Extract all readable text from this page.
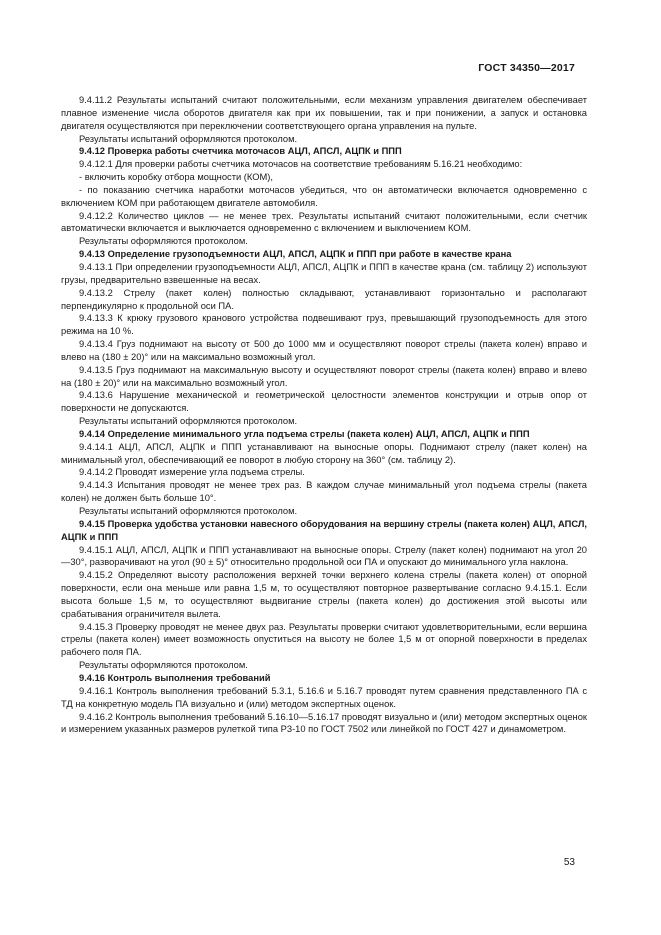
ГОСТ 34350—2017

9.4.11.2 Результаты испытаний считают положительными, если механизм управления двигателем обеспечивает плавное изменение числа оборотов двигателя как при их повышении, так и при понижении, а запуск и остановка двигателя осуществляются при переключении соответствующего органа управления на пульте.

Результаты испытаний оформляются протоколом.

9.4.12 Проверка работы счетчика моточасов АЦЛ, АПСЛ, АЦПК и ППП

9.4.12.1 Для проверки работы счетчика моточасов на соответствие требованиям 5.16.21 необходимо:

- включить коробку отбора мощности (КОМ),

- по показанию счетчика наработки моточасов убедиться, что он автоматически включается одновременно с включением КОМ при работающем двигателе автомобиля.

9.4.12.2 Количество циклов — не менее трех. Результаты испытаний считают положительными, если счетчик автоматически включается и выключается одновременно с включением и выключением КОМ.

Результаты оформляются протоколом.

9.4.13 Определение грузоподъемности АЦЛ, АПСЛ, АЦПК и ППП при работе в качестве крана

9.4.13.1 При определении грузоподъемности АЦЛ, АПСЛ, АЦПК и ППП в качестве крана (см. таблицу 2) используют грузы, предварительно взвешенные на весах.

9.4.13.2 Стрелу (пакет колен) полностью складывают, устанавливают горизонтально и располагают перпендикулярно к продольной оси ПА.

9.4.13.3 К крюку грузового кранового устройства подвешивают груз, превышающий грузоподъемность для этого режима на 10 %.

9.4.13.4 Груз поднимают на высоту от 500 до 1000 мм и осуществляют поворот стрелы (пакета колен) вправо и влево на (180 ± 20)° или на максимально возможный угол.

9.4.13.5 Груз поднимают на максимальную высоту и осуществляют поворот стрелы (пакета колен) вправо и влево на (180 ± 20)° или на максимально возможный угол.

9.4.13.6 Нарушение механической и геометрической целостности элементов конструкции и отрыв опор от поверхности не допускаются.

Результаты испытаний оформляются протоколом.

9.4.14 Определение минимального угла подъема стрелы (пакета колен) АЦЛ, АПСЛ, АЦПК и ППП

9.4.14.1 АЦЛ, АПСЛ, АЦПК и ППП устанавливают на выносные опоры. Поднимают стрелу (пакет колен) на минимальный угол, обеспечивающий ее поворот в любую сторону на 360° (см. таблицу 2).

9.4.14.2 Проводят измерение угла подъема стрелы.

9.4.14.3 Испытания проводят не менее трех раз. В каждом случае минимальный угол подъема стрелы (пакета колен) не должен быть больше 10°.

Результаты испытаний оформляются протоколом.

9.4.15 Проверка удобства установки навесного оборудования на вершину стрелы (пакета колен) АЦЛ, АПСЛ, АЦПК и ППП

9.4.15.1 АЦЛ, АПСЛ, АЦПК и ППП устанавливают на выносные опоры. Стрелу (пакет колен) поднимают на угол 20—30°, разворачивают на угол (90 ± 5)° относительно продольной оси ПА и опускают до минимального угла наклона.

9.4.15.2 Определяют высоту расположения верхней точки верхнего колена стрелы (пакета колен) от опорной поверхности, если она меньше или равна 1,5 м, то осуществляют повторное развертывание согласно 9.4.15.1. Если высота больше 1,5 м, то осуществляют выдвигание стрелы (пакета колен) до достижения этой высоты или срабатывания ограничителя вылета.

9.4.15.3 Проверку проводят не менее двух раз. Результаты проверки считают удовлетворительными, если вершина стрелы (пакета колен) имеет возможность опуститься на высоту не более 1,5 м от опорной поверхности в пределах рабочего поля ПА.

Результаты оформляются протоколом.

9.4.16 Контроль выполнения требований

9.4.16.1 Контроль выполнения требований 5.3.1, 5.16.6 и 5.16.7 проводят путем сравнения представленного ПА с ТД на конкретную модель ПА визуально и (или) методом экспертных оценок.

9.4.16.2 Контроль выполнения требований 5.16.10—5.16.17 проводят визуально и (или) методом экспертных оценок и измерением указанных размеров рулеткой типа Р3-10 по ГОСТ 7502 или линейкой по ГОСТ 427 и динамометром.

53
